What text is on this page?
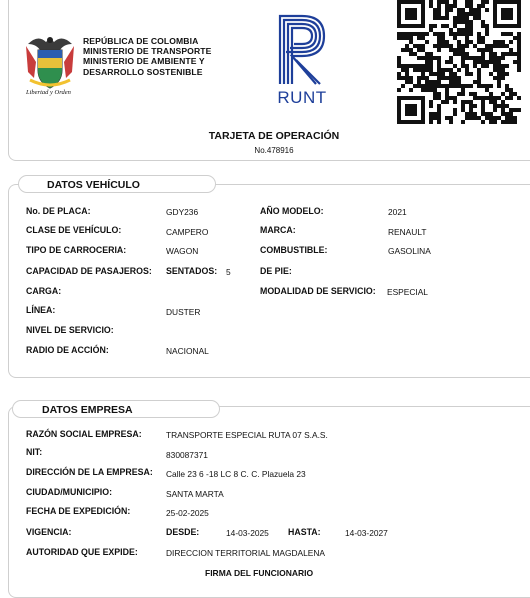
Libertad y Orden
REPÚBLICA DE COLOMBIA
MINISTERIO DE TRANSPORTE
MINISTERIO DE AMBIENTE Y
DESARROLLO SOSTENIBLE
RUNT
TARJETA DE OPERACIÓN
No.478916
DATOS VEHÍCULO
No. DE PLACA:	GDY236
CLASE DE VEHÍCULO:	CAMPERO
TIPO DE CARROCERIA:	WAGON
CAPACIDAD DE PASAJEROS: SENTADOS: 5
CARGA:
LÍNEA:	DUSTER
NIVEL DE SERVICIO:
RADIO DE ACCIÓN:	NACIONAL
AÑO MODELO:	2021
MARCA:	RENAULT
COMBUSTIBLE:	GASOLINA
DE PIE:
MODALIDAD DE SERVICIO: ESPECIAL
DATOS EMPRESA
RAZÓN SOCIAL EMPRESA:	TRANSPORTE ESPECIAL RUTA 07 S.A.S.
NIT:	830087371
DIRECCIÓN DE LA EMPRESA: Calle 23 6 -18 LC 8 C. C. Plazuela 23
CIUDAD/MUNICIPIO:	SANTA MARTA
FECHA DE EXPEDICIÓN:	25-02-2025
VIGENCIA:	DESDE:	14-03-2025 HASTA:	14-03-2027
AUTORIDAD QUE EXPIDE:	DIRECCION TERRITORIAL MAGDALENA
FIRMA DEL FUNCIONARIO
